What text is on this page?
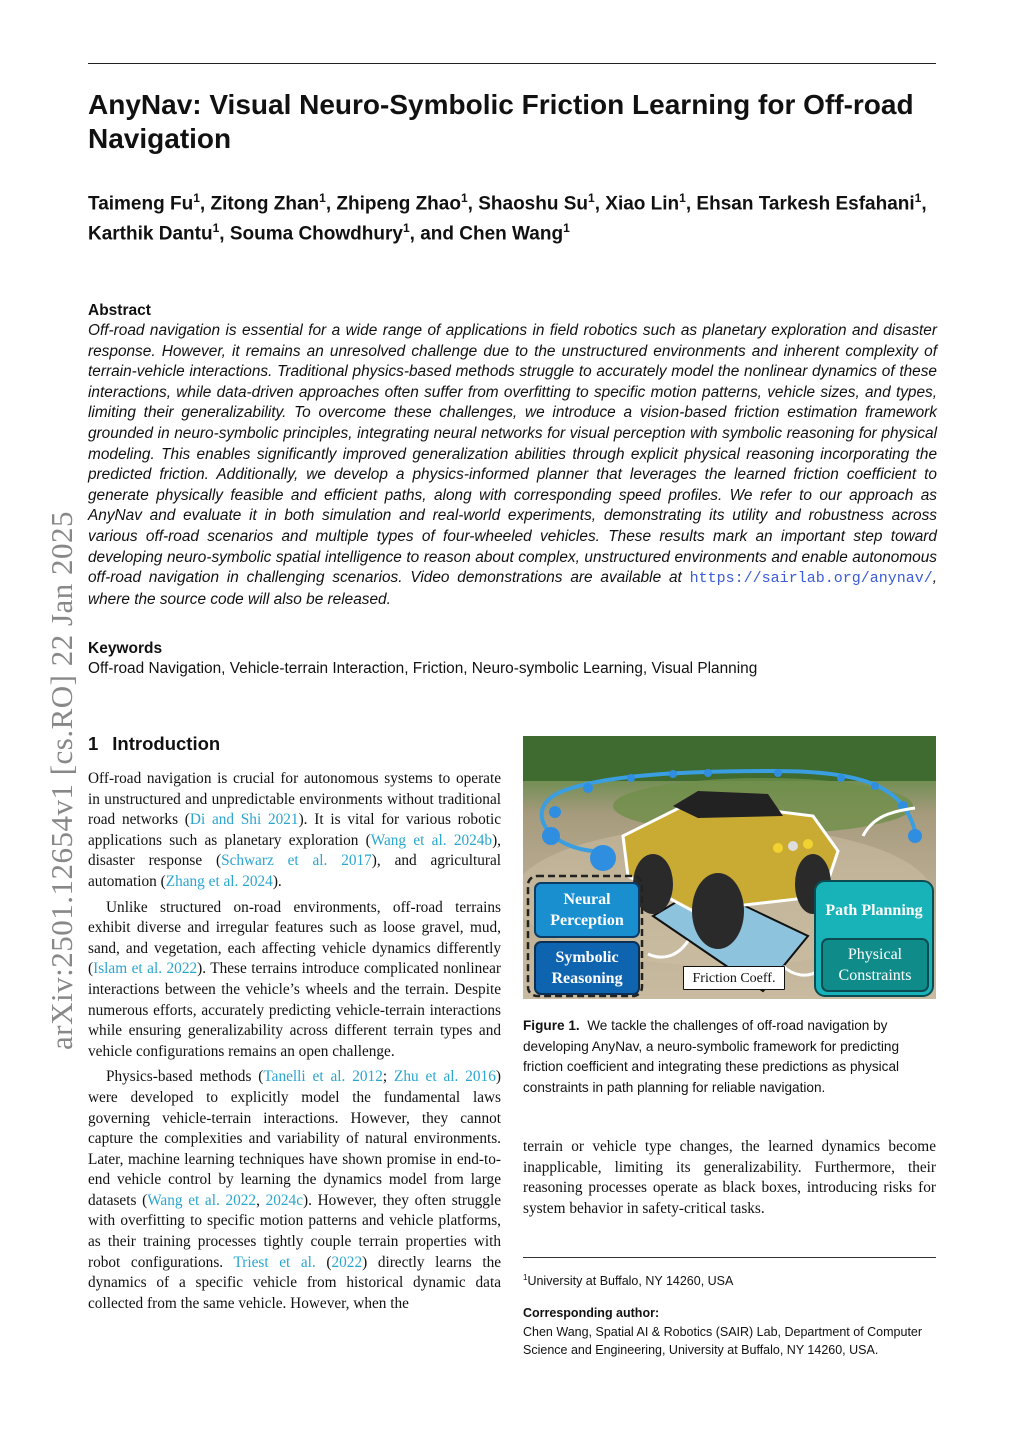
arXiv:2501.12654v1 [cs.RO] 22 Jan 2025
AnyNav: Visual Neuro-Symbolic Friction Learning for Off-road Navigation
Taimeng Fu$^1$, Zitong Zhan$^1$, Zhipeng Zhao$^1$, Shaoshu Su$^1$, Xiao Lin$^1$, Ehsan Tarkesh Esfahani$^1$, Karthik Dantu$^1$, Souma Chowdhury$^1$, and Chen Wang$^1$
Abstract
Off-road navigation is essential for a wide range of applications in field robotics such as planetary exploration and disaster response. However, it remains an unresolved challenge due to the unstructured environments and inherent complexity of terrain-vehicle interactions. Traditional physics-based methods struggle to accurately model the nonlinear dynamics of these interactions, while data-driven approaches often suffer from overfitting to specific motion patterns, vehicle sizes, and types, limiting their generalizability. To overcome these challenges, we introduce a vision-based friction estimation framework grounded in neuro-symbolic principles, integrating neural networks for visual perception with symbolic reasoning for physical modeling. This enables significantly improved generalization abilities through explicit physical reasoning incorporating the predicted friction. Additionally, we develop a physics-informed planner that leverages the learned friction coefficient to generate physically feasible and efficient paths, along with corresponding speed profiles. We refer to our approach as AnyNav and evaluate it in both simulation and real-world experiments, demonstrating its utility and robustness across various off-road scenarios and multiple types of four-wheeled vehicles. These results mark an important step toward developing neuro-symbolic spatial intelligence to reason about complex, unstructured environments and enable autonomous off-road navigation in challenging scenarios. Video demonstrations are available at https://sairlab.org/anynav/, where the source code will also be released.
Keywords
Off-road Navigation, Vehicle-terrain Interaction, Friction, Neuro-symbolic Learning, Visual Planning
1 Introduction

Off-road navigation is crucial for autonomous systems to operate in unstructured and unpredictable environments without traditional road networks (Di and Shi 2021). It is vital for various robotic applications such as planetary exploration (Wang et al. 2024b), disaster response (Schwarz et al. 2017), and agricultural automation (Zhang et al. 2024).

Unlike structured on-road environments, off-road terrains exhibit diverse and irregular features such as loose gravel, mud, sand, and vegetation, each affecting vehicle dynamics differently (Islam et al. 2022). These terrains introduce complicated nonlinear interactions between the vehicle’s wheels and the terrain. Despite numerous efforts, accurately predicting vehicle-terrain interactions while ensuring generalizability across different terrain types and vehicle configurations remains an open challenge.

Physics-based methods (Tanelli et al. 2012; Zhu et al. 2016) were developed to explicitly model the fundamental laws governing vehicle-terrain interactions. However, they cannot capture the complexities and variability of natural environments. Later, machine learning techniques have shown promise in end-to-end vehicle control by learning the dynamics model from large datasets (Wang et al. 2022, 2024c). However, they often struggle with overfitting to specific motion patterns and vehicle platforms, as their training processes tightly couple terrain properties with robot configurations. Triest et al. (2022) directly learns the dynamics of a specific vehicle from historical dynamic data collected from the same vehicle. However, when the

Neural Perception
Symbolic Reasoning	Friction Coeff.
Path Planning
Physical Constraints
Figure 1. We tackle the challenges of off-road navigation by developing AnyNav, a neuro-symbolic framework for predicting friction coefficient and integrating these predictions as physical constraints in path planning for reliable navigation.

terrain or vehicle type changes, the learned dynamics become inapplicable, limiting its generalizability. Furthermore, their reasoning processes operate as black boxes, introducing risks for system behavior in safety-critical tasks.

$^1$University at Buffalo, NY 14260, USA
Corresponding author:
Chen Wang, Spatial AI & Robotics (SAIR) Lab, Department of Computer Science and Engineering, University at Buffalo, NY 14260, USA.
